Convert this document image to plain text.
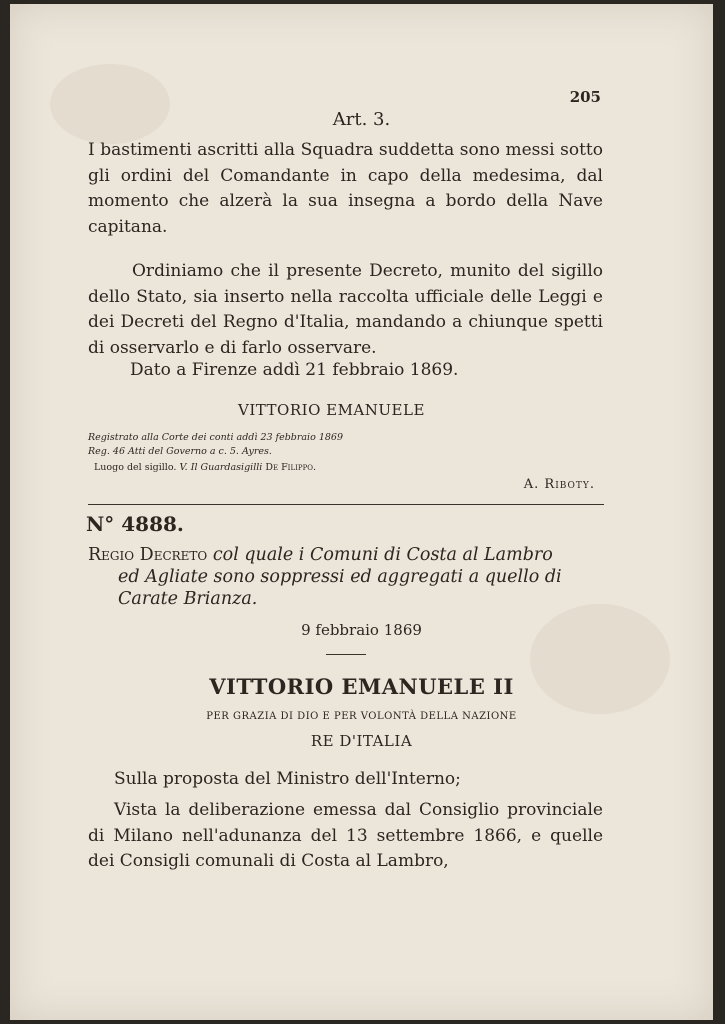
205
Art. 3.

I bastimenti ascritti alla Squadra suddetta sono messi sotto gli ordini del Comandante in capo della medesima, dal momento che alzerà la sua insegna a bordo della Nave capitana.

Ordiniamo che il presente Decreto, munito del sigillo dello Stato, sia inserto nella raccolta ufficiale delle Leggi e dei Decreti del Regno d'Italia, mandando a chiunque spetti di osservarlo e di farlo osservare.

Dato a Firenze addì 21 febbraio 1869.
VITTORIO EMANUELE
Registrato alla Corte dei conti addì 23 febbraio 1869
Reg. 46 Atti del Governo a c. 5. Ayres.
Luogo del sigillo. V. Il Guardasigilli De Filippo.
A. Riboty.
N° 4888.

Regio Decreto col quale i Comuni di Costa al Lambro
ed Agliate sono soppressi ed aggregati a quello di
Carate Brianza.

9 febbraio 1869
VITTORIO EMANUELE II
PER GRAZIA DI DIO E PER VOLONTÀ DELLA NAZIONE
RE D'ITALIA

Sulla proposta del Ministro dell'Interno;

Vista la deliberazione emessa dal Consiglio provinciale di Milano nell'adunanza del 13 settembre 1866, e quelle dei Consigli comunali di Costa al Lambro,
